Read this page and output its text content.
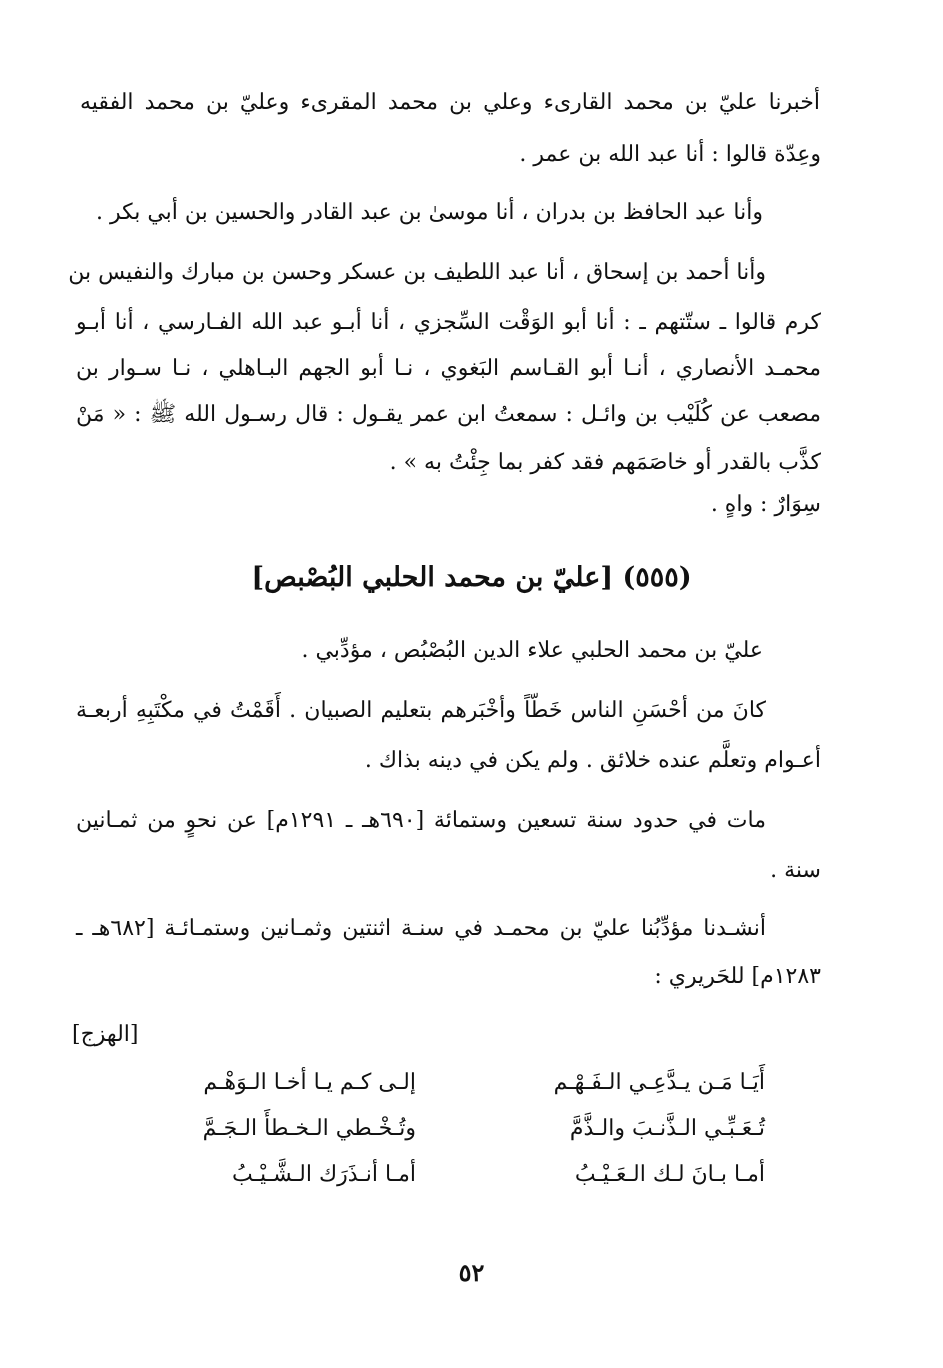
أخبرنا عليّ بن محمد القارىء وعلي بن محمد المقرىء وعليّ بن محمد الفقيه
وعِدّة قالوا : أنا عبد الله بن عمر .
وأنا عبد الحافظ بن بدران ، أنا موسىٰ بن عبد القادر والحسين بن أبي بكر .
وأنا أحمد بن إسحاق ، أنا عبد اللطيف بن عسكر وحسن بن مبارك والنفيس بن
كرم قالوا ـ ستّتهم ـ : أنا أبو الوَقْت السِّجزي ، أنا أبـو عبد الله الفـارسي ، أنا أبـو
محمـد الأنصاري ، أنـا أبو القـاسم البَغوي ، نـا أبو الجهم البـاهلي ، نـا سـوار بن
مصعب عن كُلَيْب بن وائـل : سمعتُ ابن عمر يقـول : قال رسـول الله ﷺ : « مَنْ
كذَّب بالقدر أو خاصَمَهم فقد كفر بما جِئْتُ به » .
سِوَارٌ : واهٍ .
(٥٥٥) [عليّ بن محمد الحلبي البُصْبص]
عليّ بن محمد الحلبي علاء الدين البُصْبُص ، مؤدِّبي .
كانَ من أحْسَنِ الناس خَطّاً وأخْبَرهم بتعليم الصبيان . أَقَمْتُ في مكْتَبِهِ أربعـة
أعـوام وتعلَّم عنده خلائق . ولم يكن في دينه بذاك .
مات في حدود سنة تسعين وستمائة [٦٩٠هـ ـ ١٢٩١م] عن نحوٍ من ثمـانين
سنة .
أنشـدنا مؤدِّبُنا عليّ بن محمـد في سنـة اثنتين وثمـانين وستمـائـة [٦٨٢هـ ـ
١٢٨٣م] للحَريري :
[الهزج]
أَيَـا مَـن يـدَّعِـي الـفَـهْـم
إلـى كـم يـا أخـا الـوَهْـم
تُـعَـبِّـي الـذَّنـبَ والـذَّمَّ
وتُـخْـطي الـخـطأَ الـجَـمَّ
أمـا بـانَ لـك الـعَـيْـبُ
أمـا أنـذَرَك الـشَّـيْـبُ
٥٢
